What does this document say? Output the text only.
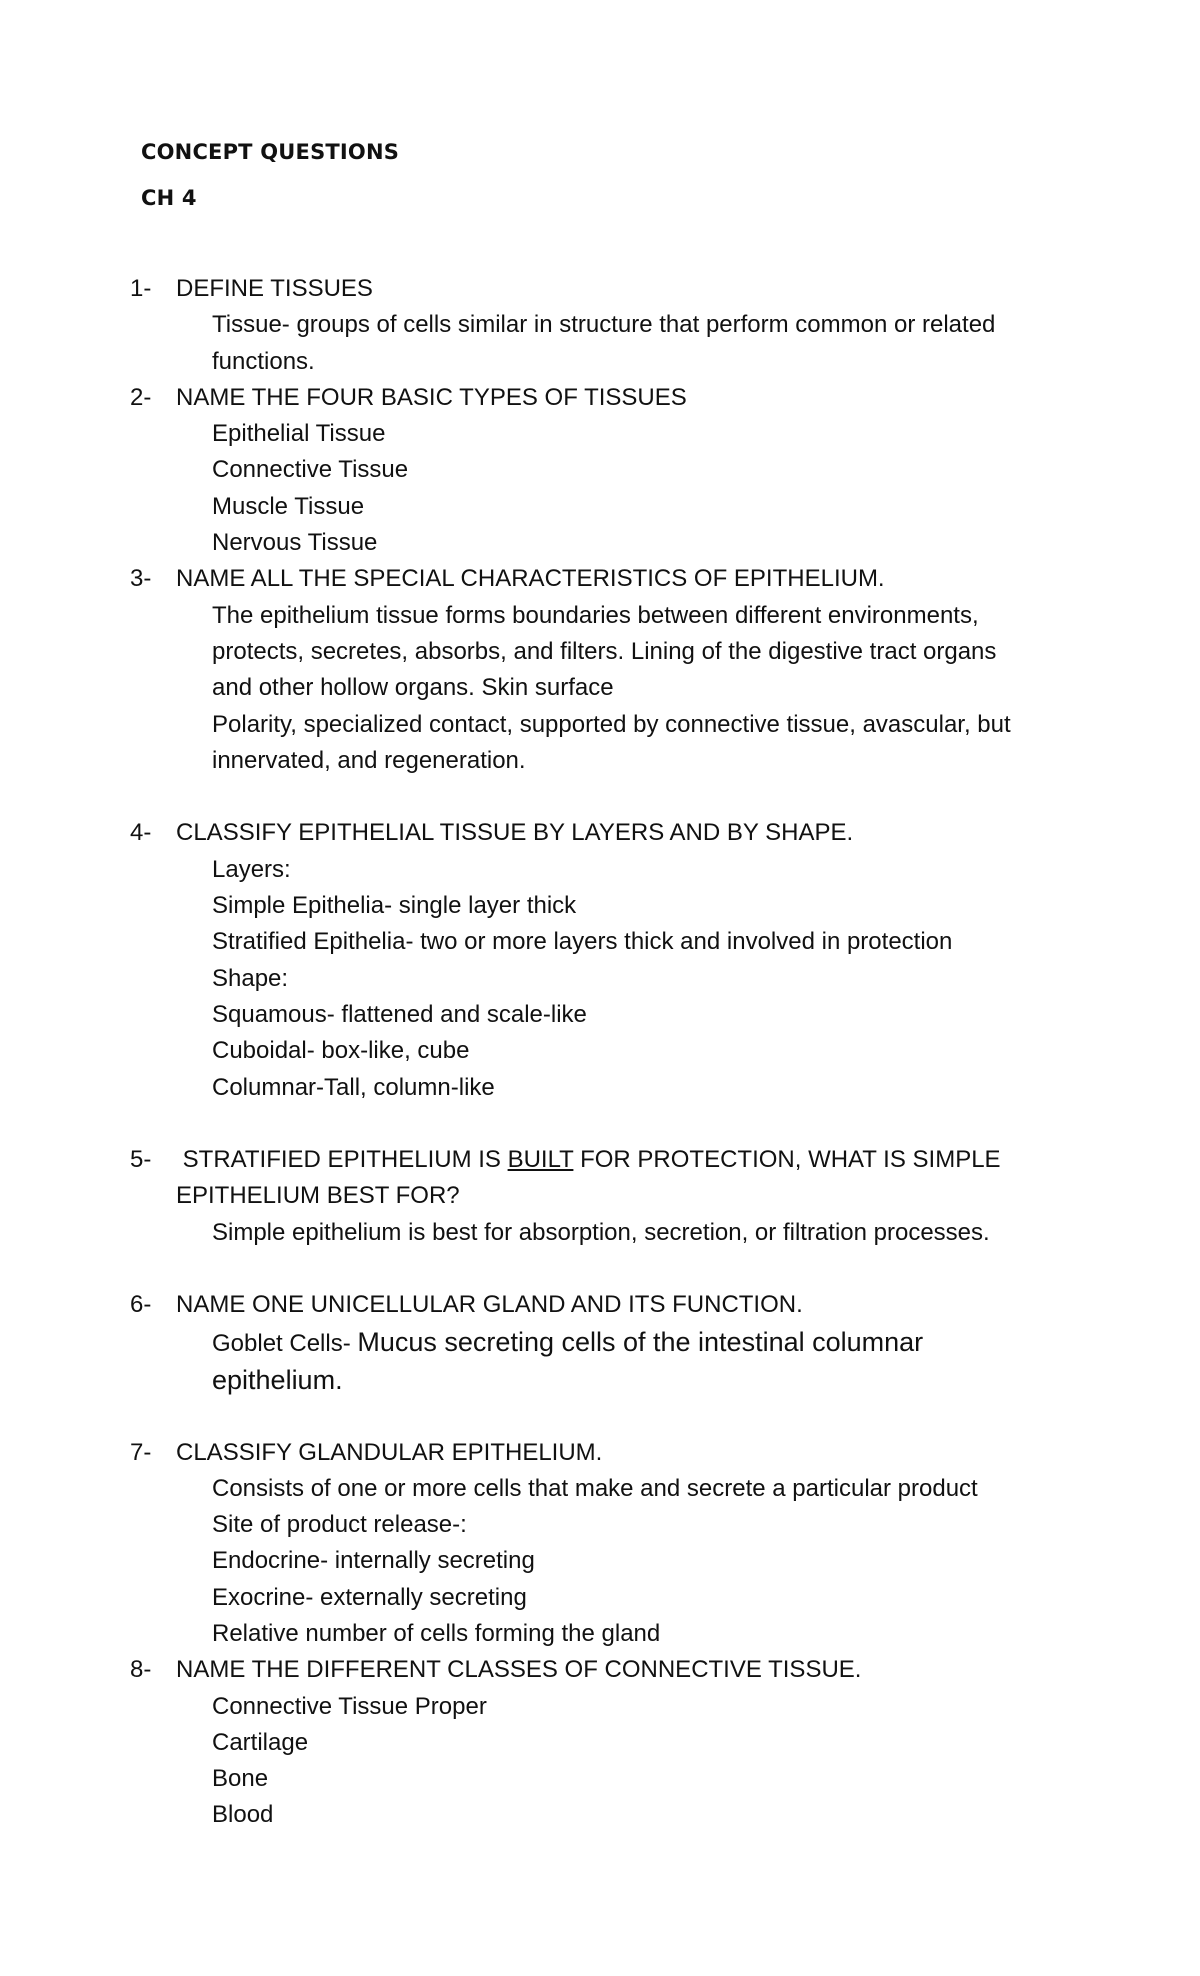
CONCEPT QUESTIONS

CH 4

1- DEFINE TISSUES
Tissue- groups of cells similar in structure that perform common or related
functions.
2- NAME THE FOUR BASIC TYPES OF TISSUES
Epithelial Tissue
Connective Tissue
Muscle Tissue
Nervous Tissue
3- NAME ALL THE SPECIAL CHARACTERISTICS OF EPITHELIUM.
The epithelium tissue forms boundaries between different environments,
protects, secretes, absorbs, and filters. Lining of the digestive tract organs
and other hollow organs. Skin surface
Polarity, specialized contact, supported by connective tissue, avascular, but
innervated, and regeneration.
4- CLASSIFY EPITHELIAL TISSUE BY LAYERS AND BY SHAPE.
Layers:
Simple Epithelia- single layer thick
Stratified Epithelia- two or more layers thick and involved in protection
Shape:
Squamous- flattened and scale-like
Cuboidal- box-like, cube
Columnar-Tall, column-like
5- STRATIFIED EPITHELIUM IS BUILT FOR PROTECTION, WHAT IS SIMPLE
EPITHELIUM BEST FOR?
Simple epithelium is best for absorption, secretion, or filtration processes.
6- NAME ONE UNICELLULAR GLAND AND ITS FUNCTION.
Goblet Cells- Mucus secreting cells of the intestinal columnar
epithelium.
7- CLASSIFY GLANDULAR EPITHELIUM.
Consists of one or more cells that make and secrete a particular product
Site of product release-:
Endocrine- internally secreting
Exocrine- externally secreting
Relative number of cells forming the gland
8- NAME THE DIFFERENT CLASSES OF CONNECTIVE TISSUE.
Connective Tissue Proper
Cartilage
Bone
Blood
